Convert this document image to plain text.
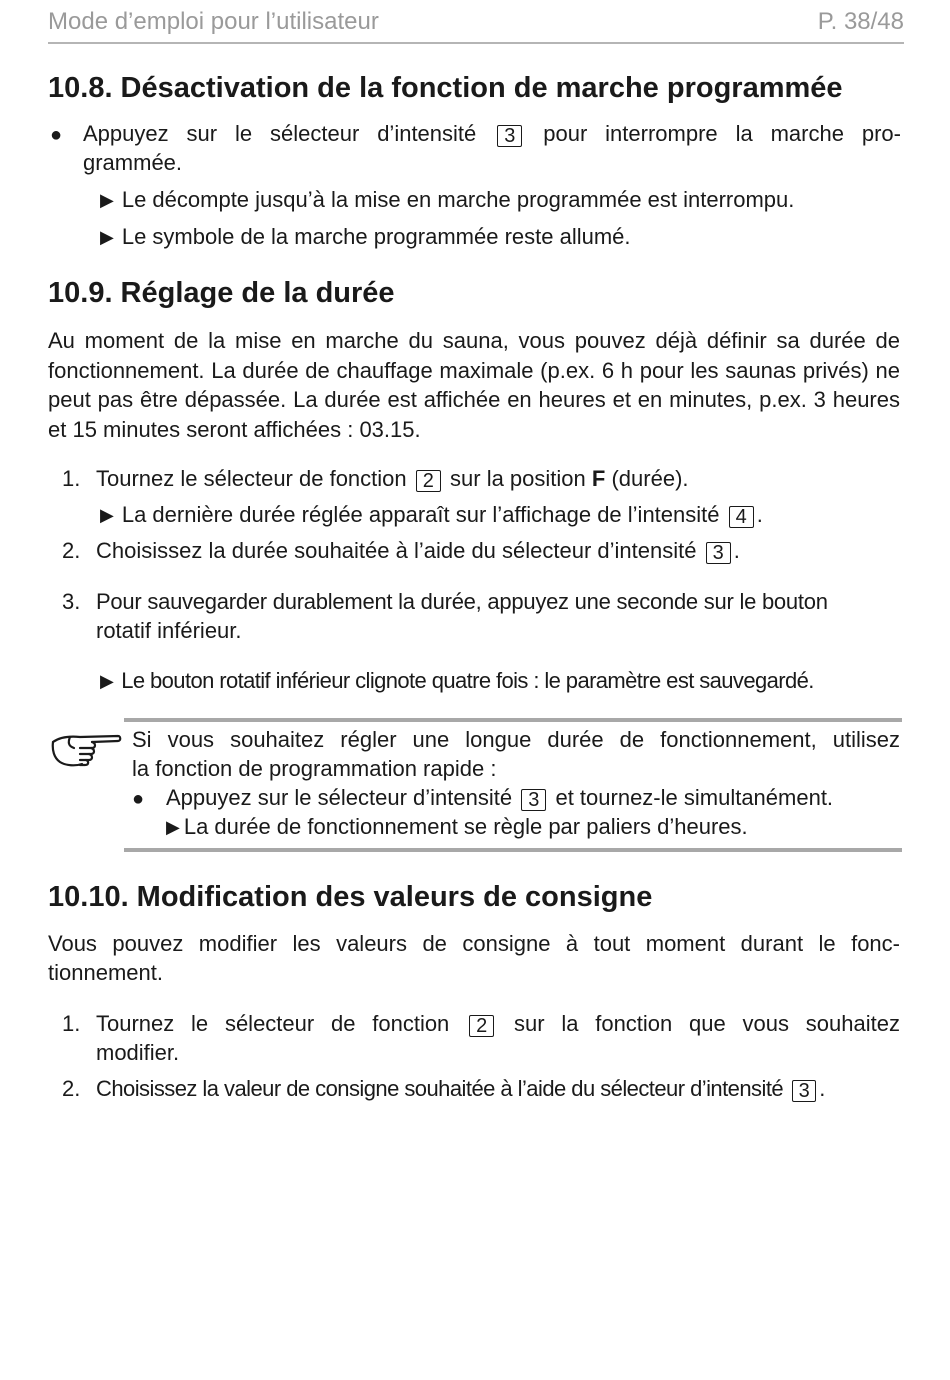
Mode d’emploi pour l’utilisateur	P. 38/48
10.8. Désactivation de la fonction de marche programmée
● Appuyez sur le sélecteur d’intensité 3 pour interrompre la marche pro-
grammée.
▶ Le décompte jusqu’à la mise en marche programmée est interrompu.
▶ Le symbole de la marche programmée reste allumé.
10.9. Réglage de la durée
Au moment de la mise en marche du sauna, vous pouvez déjà définir sa durée de fonctionnement. La durée de chauffage maximale (p.ex. 6 h pour les saunas privés) ne peut pas être dépassée. La durée est affichée en heures et en minutes, p.ex. 3 heures et 15 minutes seront affichées : 03.15.
1. Tournez le sélecteur de fonction 2 sur la position F (durée).
▶ La dernière durée réglée apparaît sur l’affichage de l’intensité 4 .
2. Choisissez la durée souhaitée à l’aide du sélecteur d’intensité 3 .
3. Pour sauvegarder durablement la durée, appuyez une seconde sur le bouton
rotatif inférieur.
▶ Le bouton rotatif inférieur clignote quatre fois : le paramètre est sauvegardé.
Si vous souhaitez régler une longue durée de fonctionnement, utilisez
la fonction de programmation rapide :
● Appuyez sur le sélecteur d’intensité 3 et tournez-le simultanément.
▶ La durée de fonctionnement se règle par paliers d’heures.
10.10. Modification des valeurs de consigne
Vous pouvez modifier les valeurs de consigne à tout moment durant le fonc-
tionnement.
1. Tournez le sélecteur de fonction 2 sur la fonction que vous souhaitez
modifier.
2. Choisissez la valeur de consigne souhaitée à l’aide du sélecteur d’intensité 3 .
